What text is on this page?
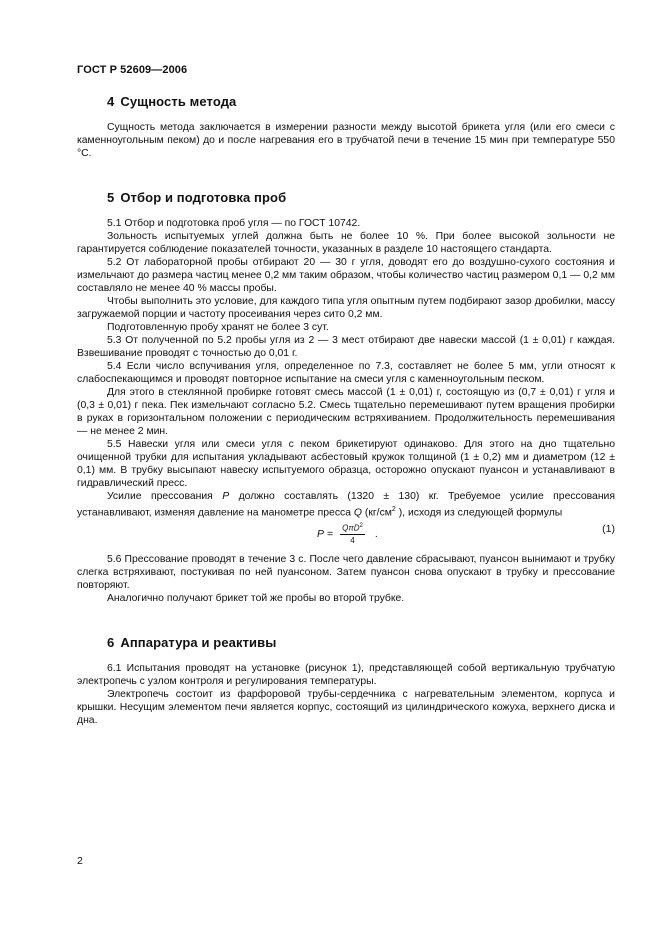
ГОСТ Р 52609—2006
4 Сущность метода

Сущность метода заключается в измерении разности между высотой брикета угля (или его смеси с каменноугольным пеком) до и после нагревания его в трубчатой печи в течение 15 мин при температуре 550 °С.

5 Отбор и подготовка проб

5.1 Отбор и подготовка проб угля — по ГОСТ 10742.

Зольность испытуемых углей должна быть не более 10 %. При более высокой зольности не гарантируется соблюдение показателей точности, указанных в разделе 10 настоящего стандарта.

5.2 От лабораторной пробы отбирают 20 — 30 г угля, доводят его до воздушно-сухого состояния и измельчают до размера частиц менее 0,2 мм таким образом, чтобы количество частиц размером 0,1 — 0,2 мм составляло не менее 40 % массы пробы.

Чтобы выполнить это условие, для каждого типа угля опытным путем подбирают зазор дробилки, массу загружаемой порции и частоту просеивания через сито 0,2 мм.

Подготовленную пробу хранят не более 3 сут.

5.3 От полученной по 5.2 пробы угля из 2 — 3 мест отбирают две навески массой (1 ± 0,01) г каждая. Взвешивание проводят с точностью до 0,01 г.

5.4 Если число вспучивания угля, определенное по 7.3, составляет не более 5 мм, угли относят к слабоспекающимся и проводят повторное испытание на смеси угля с каменноугольным песком.

Для этого в стеклянной пробирке готовят смесь массой (1 ± 0,01) г, состоящую из (0,7 ± 0,01) г угля и (0,3 ± 0,01) г пека. Пек измельчают согласно 5.2. Смесь тщательно перемешивают путем вращения пробирки в руках в горизонтальном положении с периодическим встряхиванием. Продолжительность перемешивания — не менее 2 мин.

5.5 Навески угля или смеси угля с пеком брикетируют одинаково. Для этого на дно тщательно очищенной трубки для испытания укладывают асбестовый кружок толщиной (1 ± 0,2) мм и диаметром (12 ± 0,1) мм. В трубку высыпают навеску испытуемого образца, осторожно опускают пуансон и устанавливают в гидравлический пресс.

Усилие прессования P должно составлять (1320 ± 130) кг. Требуемое усилие прессования устанавливают, изменяя давление на манометре пресса Q ($кг/см^2$ ), исходя из следующей формулы

$P = \frac{Q\pi D^2}{4}$ .	(1)

5.6 Прессование проводят в течение 3 с. После чего давление сбрасывают, пуансон вынимают и трубку слегка встряхивают, постукивая по ней пуансоном. Затем пуансон снова опускают в трубку и прессование повторяют.

Аналогично получают брикет той же пробы во второй трубке.

6 Аппаратура и реактивы

6.1 Испытания проводят на установке (рисунок 1), представляющей собой вертикальную трубчатую электропечь с узлом контроля и регулирования температуры.

Электропечь состоит из фарфоровой трубы-сердечника с нагревательным элементом, корпуса и крышки. Несущим элементом печи является корпус, состоящий из цилиндрического кожуха, верхнего диска и дна.

2
